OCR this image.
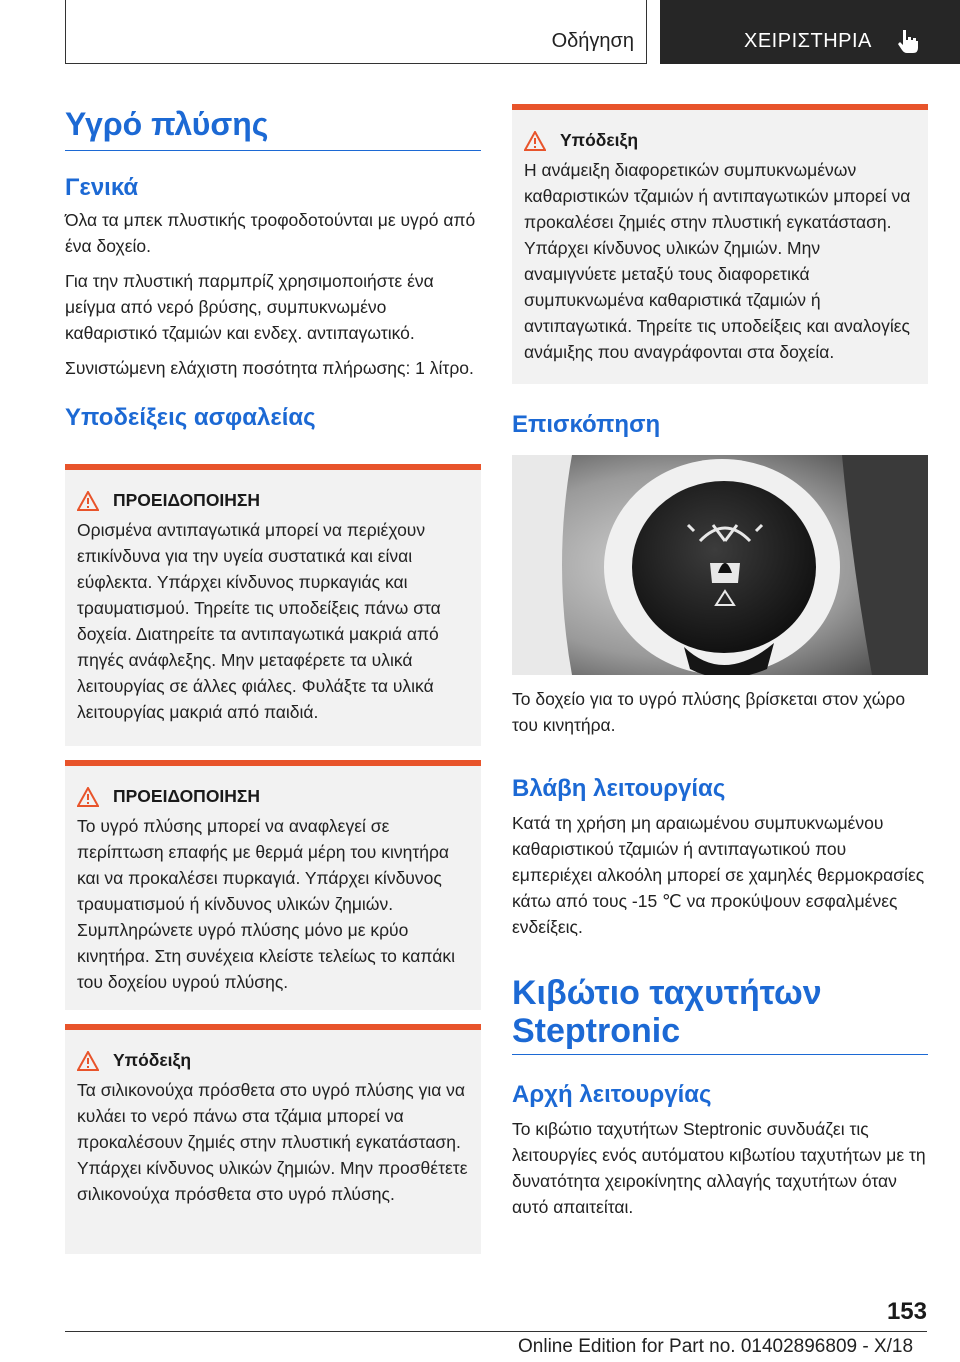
Οδήγηση	ΧΕΙΡΙΣΤΗΡΙΑ
Υγρό πλύσης
Γενικά

Όλα τα μπεκ πλυστικής τροφοδοτούνται με υγρό από ένα δοχείο.

Για την πλυστική παρμπρίζ χρησιμοποιήστε ένα μείγμα από νερό βρύσης, συμπυκνωμένο καθαριστικό τζαμιών και ενδεχ. αντιπαγωτικό.

Συνιστώμενη ελάχιστη ποσότητα πλήρωσης: 1 λίτρο.

Υποδείξεις ασφαλείας
ΠΡΟΕΙΔΟΠΟΙΗΣΗ

Ορισμένα αντιπαγωτικά μπορεί να περιέχουν επικίνδυνα για την υγεία συστατικά και είναι εύφλεκτα. Υπάρχει κίνδυνος πυρκαγιάς και τραυματισμού. Τηρείτε τις υποδείξεις πάνω στα δοχεία. Διατηρείτε τα αντιπαγωτικά μακριά από πηγές ανάφλεξης. Μην μεταφέρετε τα υλικά λειτουργίας σε άλλες φιάλες. Φυλάξτε τα υλικά λειτουργίας μακριά από παιδιά.

ΠΡΟΕΙΔΟΠΟΙΗΣΗ

Το υγρό πλύσης μπορεί να αναφλεγεί σε περίπτωση επαφής με θερμά μέρη του κινητήρα και να προκαλέσει πυρκαγιά. Υπάρχει κίνδυνος τραυματισμού ή κίνδυνος υλικών ζημιών. Συμπληρώνετε υγρό πλύσης μόνο με κρύο κινητήρα. Στη συνέχεια κλείστε τελείως το καπάκι του δοχείου υγρού πλύσης.

Υπόδειξη

Τα σιλικονούχα πρόσθετα στο υγρό πλύσης για να κυλάει το νερό πάνω στα τζάμια μπορεί να προκαλέσουν ζημιές στην πλυστική εγκατάσταση. Υπάρχει κίνδυνος υλικών ζημιών. Μην προσθέτετε σιλικονούχα πρόσθετα στο υγρό πλύσης.

Υπόδειξη

Η ανάμειξη διαφορετικών συμπυκνωμένων καθαριστικών τζαμιών ή αντιπαγωτικών μπορεί να προκαλέσει ζημιές στην πλυστική εγκατάσταση. Υπάρχει κίνδυνος υλικών ζημιών. Μην αναμιγνύετε μεταξύ τους διαφορετικά συμπυκνωμένα καθαριστικά τζαμιών ή αντιπαγωτικά. Τηρείτε τις υποδείξεις και αναλογίες ανάμιξης που αναγράφονται στα δοχεία.

Επισκόπηση

Το δοχείο για το υγρό πλύσης βρίσκεται στον χώρο του κινητήρα.

Βλάβη λειτουργίας

Κατά τη χρήση μη αραιωμένου συμπυκνωμένου καθαριστικού τζαμιών ή αντιπαγωτικού που εμπεριέχει αλκοόλη μπορεί σε χαμηλές θερμοκρασίες κάτω από τους -15 ℃ να προκύψουν εσφαλμένες ενδείξεις.

Κιβώτιο ταχυτήτων
Steptronic
Αρχή λειτουργίας

Το κιβώτιο ταχυτήτων Steptronic συνδυάζει τις λειτουργίες ενός αυτόματου κιβωτίου ταχυτήτων με τη δυνατότητα χειροκίνητης αλλαγής ταχυτήτων όταν αυτό απαιτείται.

153
Online Edition for Part no. 01402896809 - X/18
